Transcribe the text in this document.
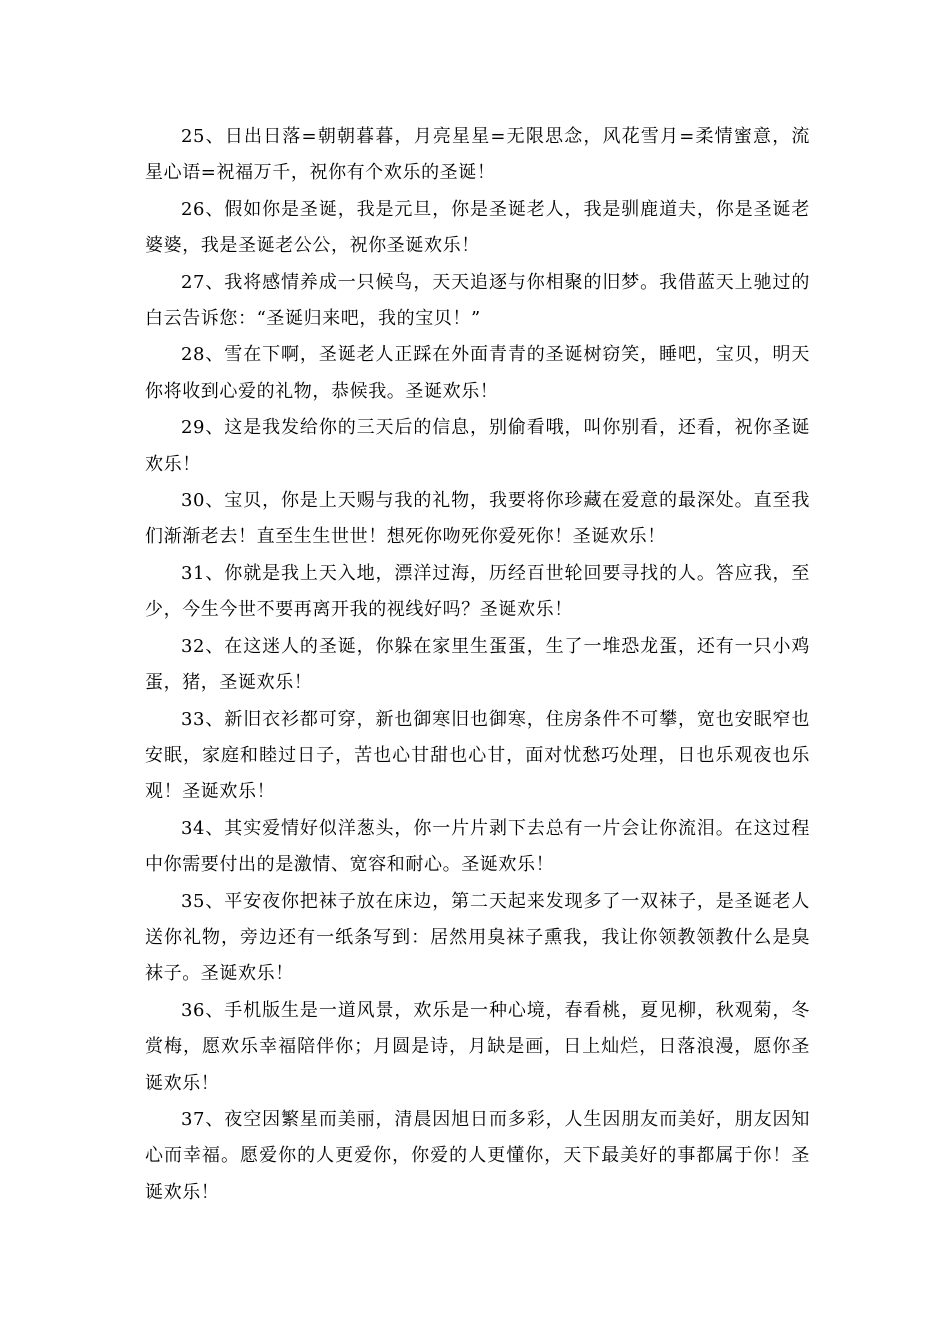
25、日出日落=朝朝暮暮，月亮星星=无限思念，风花雪月=柔情蜜意，流星心语=祝福万千，祝你有个欢乐的圣诞！

26、假如你是圣诞，我是元旦，你是圣诞老人，我是驯鹿道夫，你是圣诞老婆婆，我是圣诞老公公，祝你圣诞欢乐！

27、我将感情养成一只候鸟，天天追逐与你相聚的旧梦。我借蓝天上驰过的白云告诉您：“圣诞归来吧，我的宝贝！”

28、雪在下啊，圣诞老人正踩在外面青青的圣诞树窃笑，睡吧，宝贝，明天你将收到心爱的礼物，恭候我。圣诞欢乐！

29、这是我发给你的三天后的信息，别偷看哦，叫你别看，还看，祝你圣诞欢乐！

30、宝贝，你是上天赐与我的礼物，我要将你珍藏在爱意的最深处。直至我们渐渐老去！直至生生世世！想死你吻死你爱死你！圣诞欢乐！

31、你就是我上天入地，漂洋过海，历经百世轮回要寻找的人。答应我，至少，今生今世不要再离开我的视线好吗？圣诞欢乐！

32、在这迷人的圣诞，你躲在家里生蛋蛋，生了一堆恐龙蛋，还有一只小鸡蛋，猪，圣诞欢乐！

33、新旧衣衫都可穿，新也御寒旧也御寒，住房条件不可攀，宽也安眠窄也安眠，家庭和睦过日子，苦也心甘甜也心甘，面对忧愁巧处理，日也乐观夜也乐观！圣诞欢乐！

34、其实爱情好似洋葱头，你一片片剥下去总有一片会让你流泪。在这过程中你需要付出的是激情、宽容和耐心。圣诞欢乐！

35、平安夜你把袜子放在床边，第二天起来发现多了一双袜子，是圣诞老人送你礼物，旁边还有一纸条写到：居然用臭袜子熏我，我让你领教领教什么是臭袜子。圣诞欢乐！

36、手机版生是一道风景，欢乐是一种心境，春看桃，夏见柳，秋观菊，冬赏梅，愿欢乐幸福陪伴你；月圆是诗，月缺是画，日上灿烂，日落浪漫，愿你圣诞欢乐！

37、夜空因繁星而美丽，清晨因旭日而多彩，人生因朋友而美好，朋友因知心而幸福。愿爱你的人更爱你，你爱的人更懂你，天下最美好的事都属于你！圣诞欢乐！
